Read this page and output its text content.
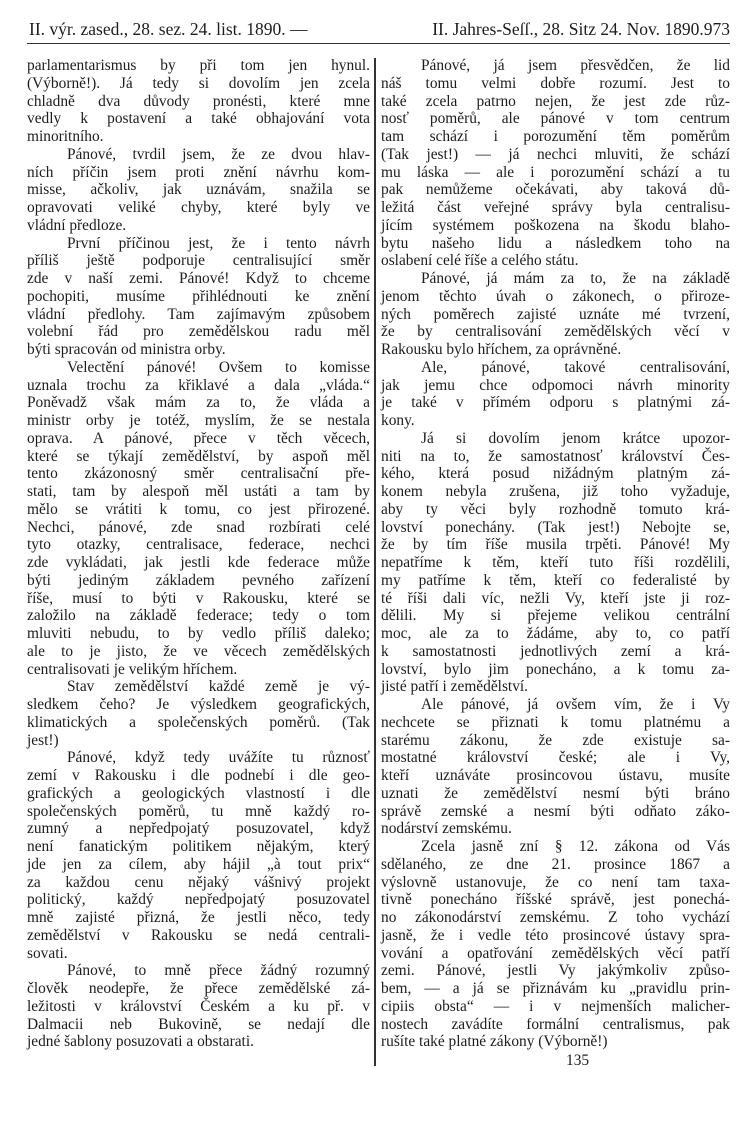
II. výr. zased., 28. sez. 24. list. 1890. —	II. Jahres-Seſſ., 28. Sitz 24. Nov. 1890. 973
parlamentarismus by při tom jen hynul.
(Výborně!). Já tedy si dovolím jen zcela
chladně dva důvody pronésti, které mne
vedly k postavení a také obhajování vota
minoritního.
Pánové, tvrdil jsem, že ze dvou hlav-
ních příčin jsem proti znění návrhu kom-
misse, ačkoliv, jak uznávám, snažila se
opravovati veliké chyby, které byly ve
vládní předloze.
První příčinou jest, že i tento návrh
příliš ještě podporuje centralisující směr
zde v naší zemi. Pánové! Když to chceme
pochopiti, musíme přihlédnouti ke znění
vládní předlohy. Tam zajímavým způsobem
volební řád pro zemědělskou radu měl
býti spracován od ministra orby.
Velectění pánové! Ovšem to komisse
uznala trochu za křiklavé a dala „vláda.“
Poněvadž však mám za to, že vláda a
ministr orby je totéž, myslím, že se nestala
oprava. A pánové, přece v těch věcech,
které se týkají zemědělství, by aspoň měl
tento zkázonosný směr centralisační pře-
stati, tam by alespoň měl ustáti a tam by
mělo se vrátiti k tomu, co jest přirozené.
Nechci, pánové, zde snad rozbírati celé
tyto otazky, centralisace, federace, nechci
zde vykládati, jak jestli kde federace může
býti jediným základem pevného zařízení
říše, musí to býti v Rakousku, které se
založilo na základě federace; tedy o tom
mluviti nebudu, to by vedlo příliš daleko;
ale to je jisto, že ve věcech zemědělských
centralisovati je velikým hříchem.
Stav zemědělství každé země je vý-
sledkem čeho? Je výsledkem geografických,
klimatických a společenských poměrů. (Tak
jest!)
Pánové, když tedy uvážíte tu různosť
zemí v Rakousku i dle podnebí i dle geo-
grafických a geologických vlastností i dle
společenských poměrů, tu mně každý ro-
zumný a nepředpojatý posuzovatel, když
není fanatickým politikem nějakým, který
jde jen za cílem, aby hájil „à tout prix“
za každou cenu nějaký vášnivý projekt
politický, každý nepředpojatý posuzovatel
mně zajisté přizná, že jestli něco, tedy
zemědělství v Rakousku se nedá centrali-
sovati.
Pánové, to mně přece žádný rozumný
člověk neodepře, že přece zemědělské zá-
ležitosti v království Českém a ku př. v
Dalmacii neb Bukovině, se nedají dle
jedné šablony posuzovati a obstarati.
Pánové, já jsem přesvědčen, že lid
náš tomu velmi dobře rozumí. Jest to
také zcela patrno nejen, že jest zde růz-
nosť poměrů, ale pánové v tom centrum
tam schází i porozumění těm poměrům
(Tak jest!) — já nechci mluviti, že schází
mu láska — ale i porozumění schází a tu
pak nemůžeme očekávati, aby taková dů-
ležitá část veřejné správy byla centralisu-
jícím systémem poškozena na škodu blaho-
bytu našeho lidu a následkem toho na
oslabení celé říše a celého státu.
Pánové, já mám za to, že na základě
jenom těchto úvah o zákonech, o přiroze-
ných poměrech zajisté uznáte mé tvrzení,
že by centralisování zemědělských věcí v
Rakousku bylo hříchem, za oprávněné.
Ale, pánové, takové centralisování,
jak jemu chce odpomoci návrh minority
je také v přímém odporu s platnými zá-
kony.
Já si dovolím jenom krátce upozor-
niti na to, že samostatnosť království Čes-
kého, která posud nižádným platným zá-
konem nebyla zrušena, již toho vyžaduje,
aby ty věci byly rozhodně tomuto krá-
lovství ponechány. (Tak jest!) Nebojte se,
že by tím říše musila trpěti. Pánové! My
nepatříme k těm, kteří tuto říši rozdělili,
my patříme k těm, kteří co federalisté by
té říši dali víc, nežli Vy, kteří jste ji roz-
dělili. My si přejeme velikou centrální
moc, ale za to žádáme, aby to, co patří
k samostatnosti jednotlivých zemí a krá-
lovství, bylo jim ponecháno, a k tomu za-
jisté patří i zemědělství.
Ale pánové, já ovšem vím, že i Vy
nechcete se přiznati k tomu platnému a
starému zákonu, že zde existuje sa-
mostatné království české; ale i Vy,
kteří uznáváte prosincovou ústavu, musíte
uznati že zemědělství nesmí býti bráno
správě zemské a nesmí býti odňato záko-
nodárství zemskému.
Zcela jasně zní § 12. zákona od Vás
sdělaného, ze dne 21. prosince 1867 a
výslovně ustanovuje, že co není tam taxa-
tivně ponecháno říšské správě, jest ponechá-
no zákonodárství zemskému. Z toho vychází
jasně, že i vedle této prosincové ústavy spra-
vování a opatřování zemědělských věcí patří
zemi. Pánové, jestli Vy jakýmkoliv způso-
bem, — a já se přiznávám ku „pravidlu prin-
cipiis obsta“ — i v nejmenších malicher-
nostech zavádíte formální centralismus, pak
rušíte také platné zákony (Výborně!)
135
